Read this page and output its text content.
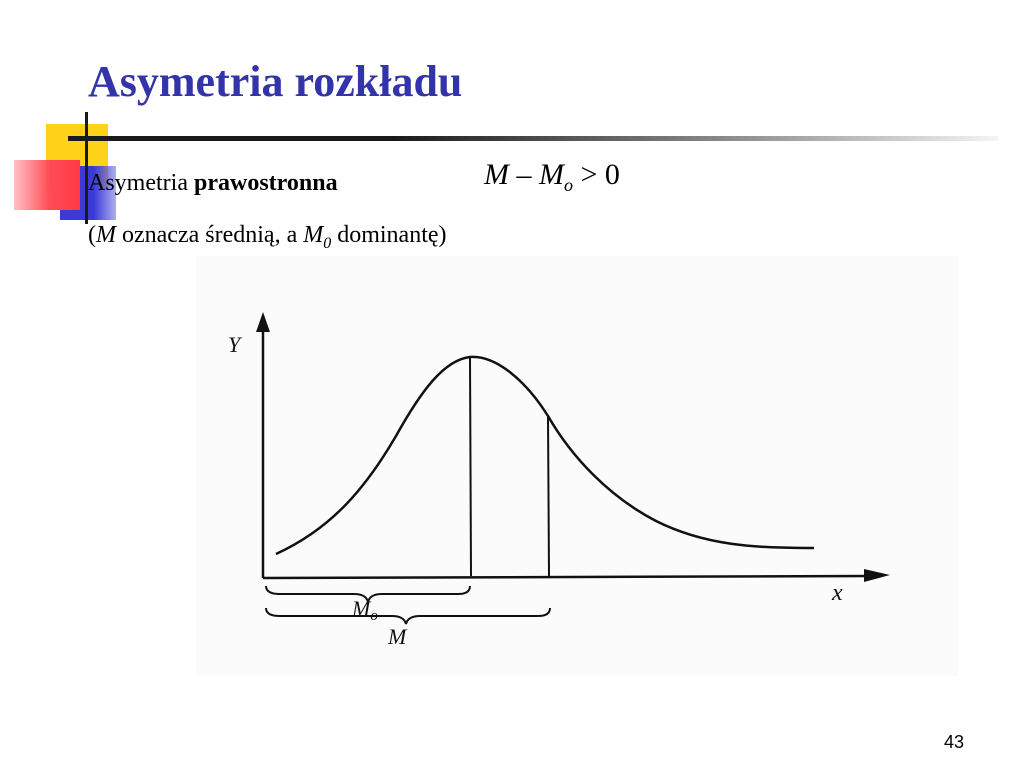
Asymetria rozkładu
Asymetria prawostronna	$M - M_o > 0$
(M oznacza średnią, a $M_0$ dominantę)
Y
x
Mo
M
43
